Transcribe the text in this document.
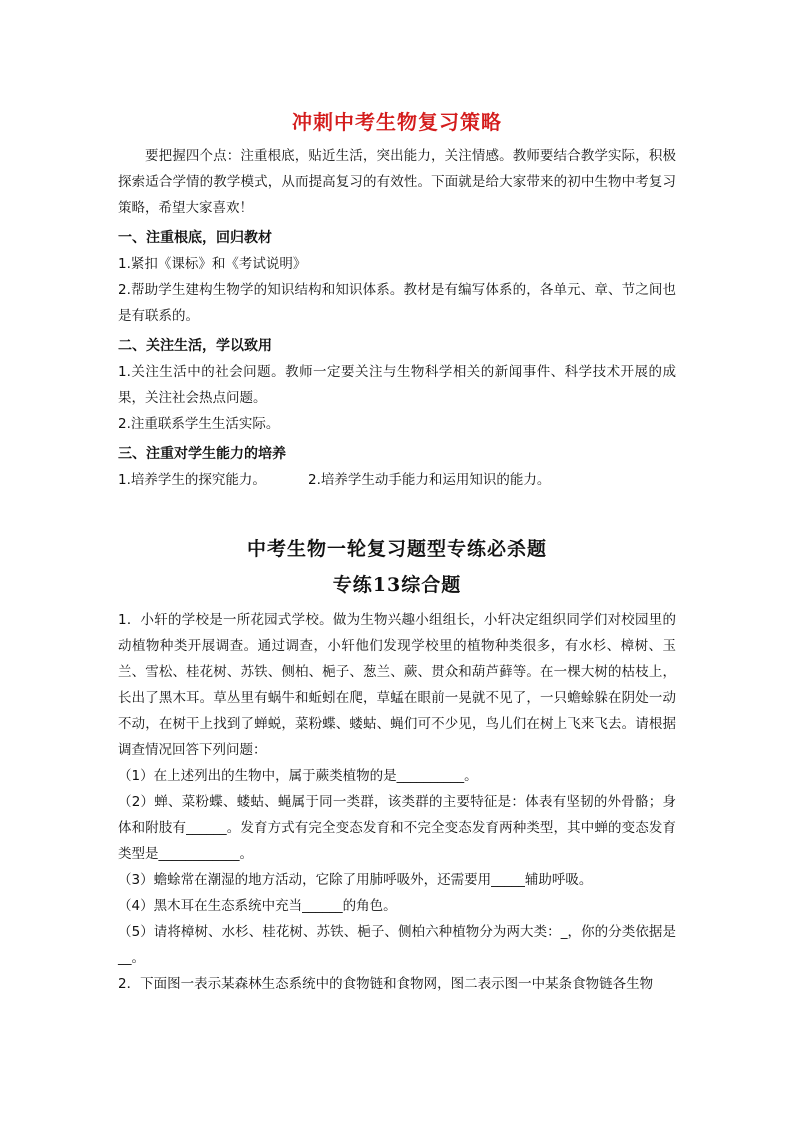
冲刺中考生物复习策略

要把握四个点：注重根底，贴近生活，突出能力，关注情感。教师要结合教学实际，积极探索适合学情的教学模式，从而提高复习的有效性。下面就是给大家带来的初中生物中考复习策略，希望大家喜欢！

一、注重根底，回归教材

1.紧扣《课标》和《考试说明》

2.帮助学生建构生物学的知识结构和知识体系。教材是有编写体系的，各单元、章、节之间也是有联系的。

二、关注生活，学以致用

1.关注生活中的社会问题。教师一定要关注与生物科学相关的新闻事件、科学技术开展的成果，关注社会热点问题。

2.注重联系学生生活实际。

三、注重对学生能力的培养

1.培养学生的探究能力。	2.培养学生动手能力和运用知识的能力。

中考生物一轮复习题型专练必杀题

专练13综合题

1．小轩的学校是一所花园式学校。做为生物兴趣小组组长，小轩决定组织同学们对校园里的动植物种类开展调查。通过调查，小轩他们发现学校里的植物种类很多，有水杉、樟树、玉兰、雪松、桂花树、苏铁、侧柏、梔子、葱兰、蕨、贯众和葫芦藓等。在一棵大树的枯枝上，长出了黑木耳。草丛里有蜗牛和蚯蚓在爬，草蜢在眼前一晃就不见了，一只蟾蜍躲在阴处一动不动，在树干上找到了蝉蜕，菜粉蝶、蝼蛄、蝇们可不少见，鸟儿们在树上飞来飞去。请根据调查情况回答下列问题：

（1）在上述列出的生物中，属于蕨类植物的是__________。

（2）蝉、菜粉蝶、蝼蛄、蝇属于同一类群，该类群的主要特征是：体表有坚韧的外骨骼；身体和附肢有______。发育方式有完全变态发育和不完全变态发育两种类型，其中蝉的变态发育类型是____________。

（3）蟾蜍常在潮湿的地方活动，它除了用肺呼吸外，还需要用_____辅助呼吸。

（4）黑木耳在生态系统中充当______的角色。

（5）请将樟树、水杉、桂花树、苏铁、梔子、侧柏六种植物分为两大类：_，你的分类依据是__。

2．下面图一表示某森林生态系统中的食物链和食物网，图二表示图一中某条食物链各生物
